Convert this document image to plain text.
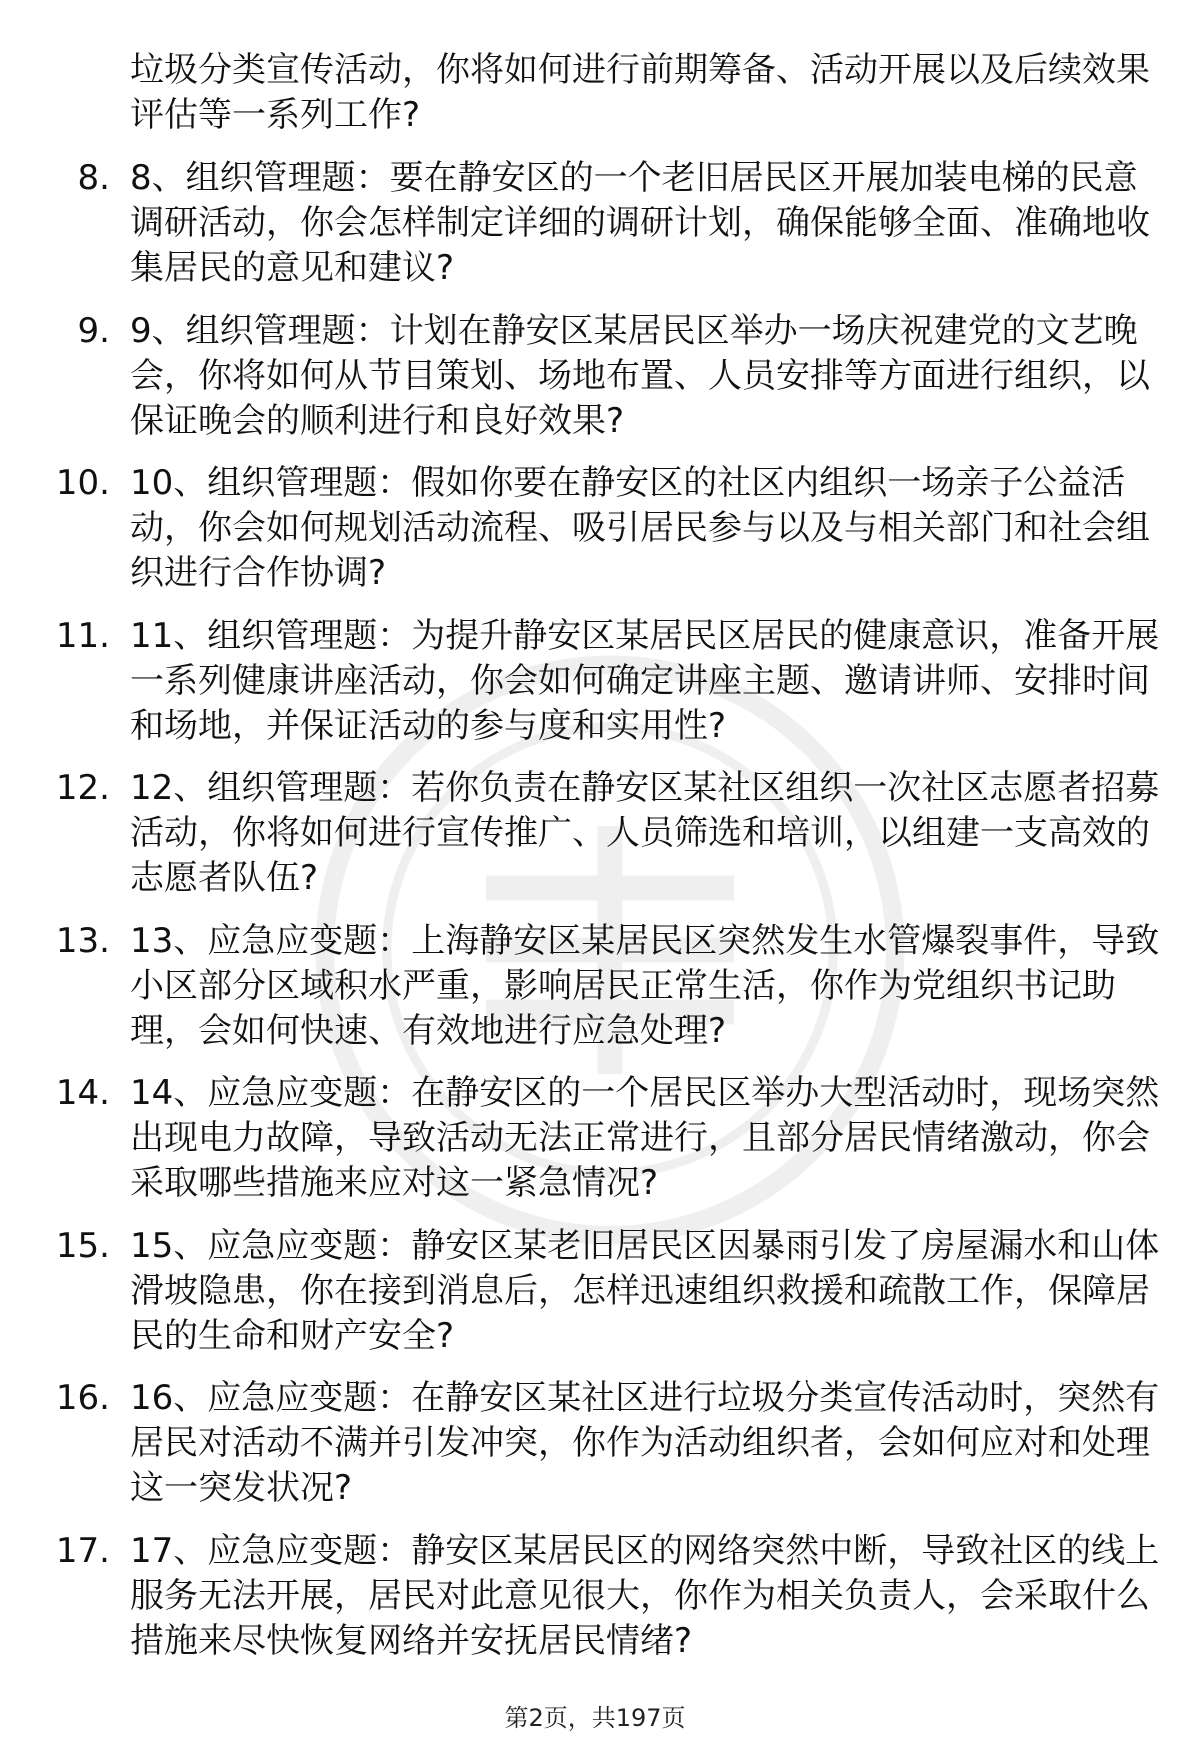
垃圾分类宣传活动，你将如何进行前期筹备、活动开展以及后续效果评估等一系列工作?

8. 8、组织管理题：要在静安区的一个老旧居民区开展加装电梯的民意调研活动，你会怎样制定详细的调研计划，确保能够全面、准确地收集居民的意见和建议?

9. 9、组织管理题：计划在静安区某居民区举办一场庆祝建党的文艺晚会，你将如何从节目策划、场地布置、人员安排等方面进行组织，以保证晚会的顺利进行和良好效果?

10. 10、组织管理题：假如你要在静安区的社区内组织一场亲子公益活动，你会如何规划活动流程、吸引居民参与以及与相关部门和社会组织进行合作协调?

11. 11、组织管理题：为提升静安区某居民区居民的健康意识，准备开展一系列健康讲座活动，你会如何确定讲座主题、邀请讲师、安排时间和场地，并保证活动的参与度和实用性?

12. 12、组织管理题：若你负责在静安区某社区组织一次社区志愿者招募活动，你将如何进行宣传推广、人员筛选和培训，以组建一支高效的志愿者队伍?

13. 13、应急应变题：上海静安区某居民区突然发生水管爆裂事件，导致小区部分区域积水严重，影响居民正常生活，你作为党组织书记助理，会如何快速、有效地进行应急处理?

14. 14、应急应变题：在静安区的一个居民区举办大型活动时，现场突然出现电力故障，导致活动无法正常进行，且部分居民情绪激动，你会采取哪些措施来应对这一紧急情况?

15. 15、应急应变题：静安区某老旧居民区因暴雨引发了房屋漏水和山体滑坡隐患，你在接到消息后，怎样迅速组织救援和疏散工作，保障居民的生命和财产安全?

16. 16、应急应变题：在静安区某社区进行垃圾分类宣传活动时，突然有居民对活动不满并引发冲突，你作为活动组织者，会如何应对和处理这一突发状况?

17. 17、应急应变题：静安区某居民区的网络突然中断，导致社区的线上服务无法开展，居民对此意见很大，你作为相关负责人，会采取什么措施来尽快恢复网络并安抚居民情绪?

第2页，共197页
